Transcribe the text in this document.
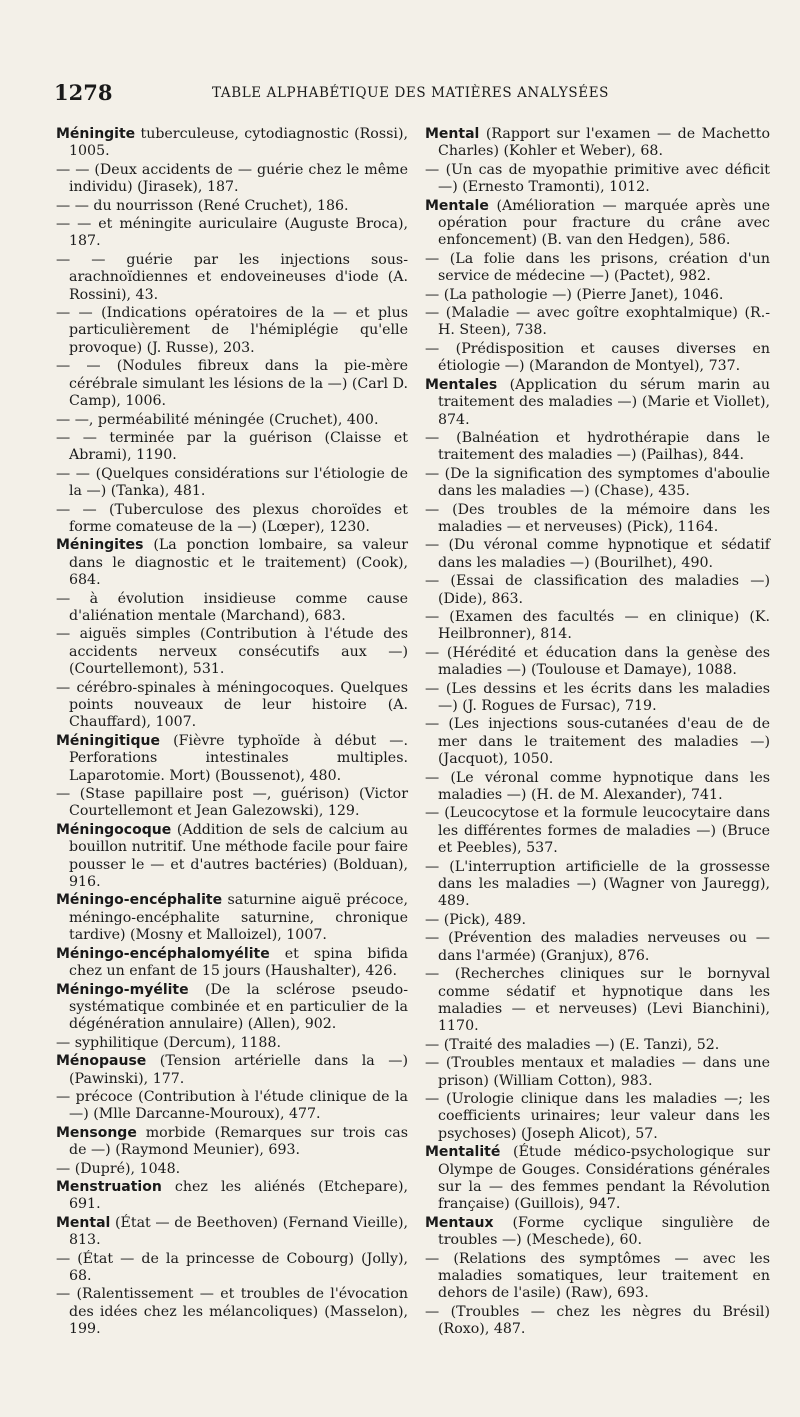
1278	TABLE ALPHABÉTIQUE DES MATIÈRES ANALYSÉES

Méningite tuberculeuse, cytodiagnostic (Rossi), 1005.

— — (Deux accidents de — guérie chez le même individu) (Jirasek), 187.

— — du nourrisson (René Cruchet), 186.

— — et méningite auriculaire (Auguste Broca), 187.

— — guérie par les injections sous-arachnoïdiennes et endoveineuses d'iode (A. Rossini), 43.

— — (Indications opératoires de la — et plus particulièrement de l'hémiplégie qu'elle provoque) (J. Russe), 203.

— — (Nodules fibreux dans la pie-mère cérébrale simulant les lésions de la —) (Carl D. Camp), 1006.

— —, perméabilité méningée (Cruchet), 400.

— — terminée par la guérison (Claisse et Abrami), 1190.

— — (Quelques considérations sur l'étiologie de la —) (Tanka), 481.

— — (Tuberculose des plexus choroïdes et forme comateuse de la —) (Lœper), 1230.

Méningites (La ponction lombaire, sa valeur dans le diagnostic et le traitement) (Cook), 684.

— à évolution insidieuse comme cause d'aliénation mentale (Marchand), 683.

— aiguës simples (Contribution à l'étude des accidents nerveux consécutifs aux —) (Courtellemont), 531.

— cérébro-spinales à méningocoques. Quelques points nouveaux de leur histoire (A. Chauffard), 1007.

Méningitique (Fièvre typhoïde à début —. Perforations intestinales multiples. Laparotomie. Mort) (Boussenot), 480.

— (Stase papillaire post —, guérison) (Victor Courtellemont et Jean Galezowski), 129.

Méningocoque (Addition de sels de calcium au bouillon nutritif. Une méthode facile pour faire pousser le — et d'autres bactéries) (Bolduan), 916.

Méningo-encéphalite saturnine aiguë précoce, méningo-encéphalite saturnine, chronique tardive) (Mosny et Malloizel), 1007.

Méningo-encéphalomyélite et spina bifida chez un enfant de 15 jours (Haushalter), 426.

Méningo-myélite (De la sclérose pseudo-systématique combinée et en particulier de la dégénération annulaire) (Allen), 902.

— syphilitique (Dercum), 1188.

Ménopause (Tension artérielle dans la —) (Pawinski), 177.

— précoce (Contribution à l'étude clinique de la —) (Mlle Darcanne-Mouroux), 477.

Mensonge morbide (Remarques sur trois cas de —) (Raymond Meunier), 693.

— (Dupré), 1048.

Menstruation chez les aliénés (Etchepare), 691.

Mental (État — de Beethoven) (Fernand Vieille), 813.

— (État — de la princesse de Cobourg) (Jolly), 68.

— (Ralentissement — et troubles de l'évocation des idées chez les mélancoliques) (Masselon), 199.

Mental (Rapport sur l'examen — de Machetto Charles) (Kohler et Weber), 68.

— (Un cas de myopathie primitive avec déficit —) (Ernesto Tramonti), 1012.

Mentale (Amélioration — marquée après une opération pour fracture du crâne avec enfoncement) (B. van den Hedgen), 586.

— (La folie dans les prisons, création d'un service de médecine —) (Pactet), 982.

— (La pathologie —) (Pierre Janet), 1046.

— (Maladie — avec goître exophtalmique) (R.-H. Steen), 738.

— (Prédisposition et causes diverses en étiologie —) (Marandon de Montyel), 737.

Mentales (Application du sérum marin au traitement des maladies —) (Marie et Viollet), 874.

— (Balnéation et hydrothérapie dans le traitement des maladies —) (Pailhas), 844.

— (De la signification des symptomes d'aboulie dans les maladies —) (Chase), 435.

— (Des troubles de la mémoire dans les maladies — et nerveuses) (Pick), 1164.

— (Du véronal comme hypnotique et sédatif dans les maladies —) (Bourilhet), 490.

— (Essai de classification des maladies —) (Dide), 863.

— (Examen des facultés — en clinique) (K. Heilbronner), 814.

— (Hérédité et éducation dans la genèse des maladies —) (Toulouse et Damaye), 1088.

— (Les dessins et les écrits dans les maladies —) (J. Rogues de Fursac), 719.

— (Les injections sous-cutanées d'eau de de mer dans le traitement des maladies —) (Jacquot), 1050.

— (Le véronal comme hypnotique dans les maladies —) (H. de M. Alexander), 741.

— (Leucocytose et la formule leucocytaire dans les différentes formes de maladies —) (Bruce et Peebles), 537.

— (L'interruption artificielle de la grossesse dans les maladies —) (Wagner von Jauregg), 489.

— (Pick), 489.

— (Prévention des maladies nerveuses ou — dans l'armée) (Granjux), 876.

— (Recherches cliniques sur le bornyval comme sédatif et hypnotique dans les maladies — et nerveuses) (Levi Bianchini), 1170.

— (Traité des maladies —) (E. Tanzi), 52.

— (Troubles mentaux et maladies — dans une prison) (William Cotton), 983.

— (Urologie clinique dans les maladies —; les coefficients urinaires; leur valeur dans les psychoses) (Joseph Alicot), 57.

Mentalité (Étude médico-psychologique sur Olympe de Gouges. Considérations générales sur la — des femmes pendant la Révolution française) (Guillois), 947.

Mentaux (Forme cyclique singulière de troubles —) (Meschede), 60.

— (Relations des symptômes — avec les maladies somatiques, leur traitement en dehors de l'asile) (Raw), 693.

— (Troubles — chez les nègres du Brésil) (Roxo), 487.
